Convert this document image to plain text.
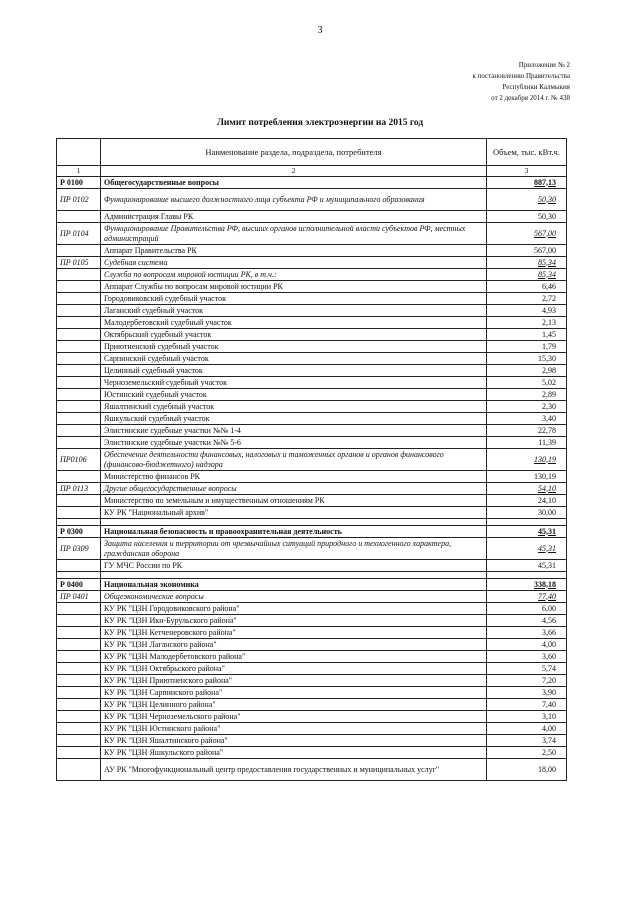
3
Приложение № 2
к постановлению Правительства
Республики Калмыкия
от 2 декабря 2014 г. № 438
Лимит потребления электроэнергии на 2015 год
	Наименование раздела, подраздела, потребителя	Объем, тыс. кВт.ч.
1	2	3
Р 0100	Общегосударственные вопросы	887,13
ПР 0102	Функционирование высшего должностного лица субъекта РФ и муниципального образования	50,30
	Администрация Главы РК	50,30
ПР 0104	Функционирование Правительства РФ, высших органов исполнительной власти субъектов РФ, местных администраций	567,00
	Аппарат Правительства РК	567,00
ПР 0105	Судебная система	85,34
	Служба по вопросам мировой юстиции РК, в т.ч.:	85,34
	Аппарат Службы по вопросам мировой юстиции РК	6,46
	Городовиковский судебный участок	2,72
	Лаганский судебный участок	4,93
	Малодербетовский судебный участок	2,13
	Октябрьский судебный участок	1,45
	Приютненский судебный участок	1,79
	Сарпинский судебный участок	15,30
	Целинный судебный участок	2,98
	Черноземельский судебный участок	5,02
	Юстинский судебный участок	2,89
	Яшалтинский судебный участок	2,30
	Яшкульский судебный участок	3,40
	Элистинские судебные участки №№ 1-4	22,78
	Элистинские судебные участки №№ 5-6	11,39
ПР0106	Обеспечение деятельности финансовых, налоговых и таможенных органов и органов финансового (финансово-бюджетного) надзора	130,19
	Министерство финансов РК	130,19
ПР 0113	Другие общегосударственные вопросы	54,10
	Министерство по земельным и имущественным отношениям РК	24,10
	КУ РК "Национальный архив"	30,00

Р 0300	Национальная безопасность и правоохранительная деятельность	45,31
ПР 0309	Защита населения и территории от чрезвычайных ситуаций природного и техногенного характера, гражданская оборона	45,31
	ГУ МЧС России по РК	45,31

Р 0400	Национальная экономика	338,18
ПР 0401	Общеэкономические вопросы	77,40
	КУ РК "ЦЗН Городовиковского района"	6,00
	КУ РК "ЦЗН Ики-Бурульского района"	4,56
	КУ РК "ЦЗН Кетченеровского района"	3,66
	КУ РК "ЦЗН Лаганского района"	4,00
	КУ РК "ЦЗН Малодербетовского района"	3,60
	КУ РК "ЦЗН Октябрьского района"	5,74
	КУ РК "ЦЗН Приютненского района"	7,20
	КУ РК "ЦЗН Сарпинского района"	3,90
	КУ РК "ЦЗН Целинного района"	7,40
	КУ РК "ЦЗН Черноземельского района"	3,10
	КУ РК "ЦЗН Юстинского района"	4,00
	КУ РК "ЦЗН Яшалтинского района"	3,74
	КУ РК "ЦЗН Яшкульского района"	2,50
	АУ РК "Многофункциональный центр предоставления государственных и муниципальных услуг"	18,00
